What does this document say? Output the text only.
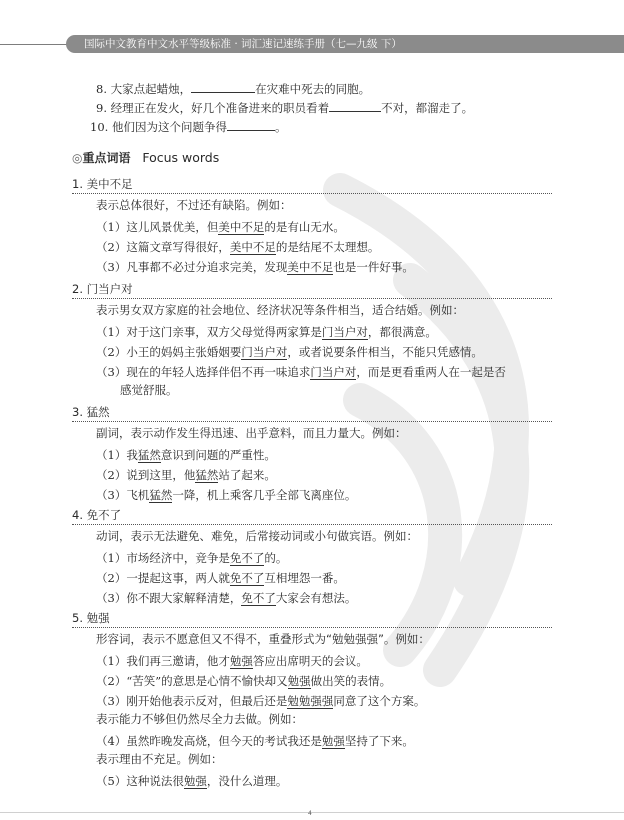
国际中文教育中文水平等级标准 · 词汇速记速练手册（七—九级 下）
8. 大家点起蜡烛，	在灾难中死去的同胞。
9. 经理正在发火，好几个准备进来的职员看着	不对，都溜走了。
10. 他们因为这个问题争得	。
◎重点词语 Focus words
1. 美中不足
表示总体很好，不过还有缺陷。例如：
（1）这儿风景优美，但美中不足的是有山无水。
（2）这篇文章写得很好，美中不足的是结尾不太理想。
（3）凡事都不必过分追求完美，发现美中不足也是一件好事。
2. 门当户对
表示男女双方家庭的社会地位、经济状况等条件相当，适合结婚。例如：
（1）对于这门亲事，双方父母觉得两家算是门当户对，都很满意。
（2）小王的妈妈主张婚姻要门当户对，或者说要条件相当，不能只凭感情。
（3）现在的年轻人选择伴侣不再一味追求门当户对，而是更看重两人在一起是否
感觉舒服。
3. 猛然
副词，表示动作发生得迅速、出乎意料，而且力量大。例如：
（1）我猛然意识到问题的严重性。
（2）说到这里，他猛然站了起来。
（3）飞机猛然一降，机上乘客几乎全部飞离座位。
4. 免不了
动词，表示无法避免、难免，后常接动词或小句做宾语。例如：
（1）市场经济中，竞争是免不了的。
（2）一提起这事，两人就免不了互相埋怨一番。
（3）你不跟大家解释清楚，免不了大家会有想法。
5. 勉强
形容词，表示不愿意但又不得不，重叠形式为“勉勉强强”。例如：
（1）我们再三邀请，他才勉强答应出席明天的会议。
（2）“苦笑”的意思是心情不愉快却又勉强做出笑的表情。
（3）刚开始他表示反对，但最后还是勉勉强强同意了这个方案。
表示能力不够但仍然尽全力去做。例如：
（4）虽然昨晚发高烧，但今天的考试我还是勉强坚持了下来。
表示理由不充足。例如：
（5）这种说法很勉强，没什么道理。
4
